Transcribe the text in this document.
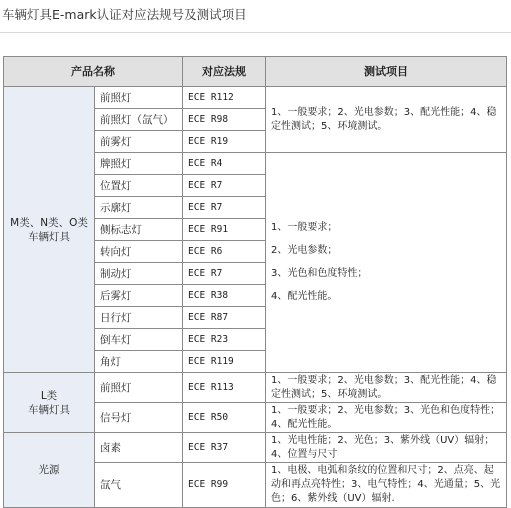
车辆灯具E-mark认证对应法规号及测试项目
产品名称		对应法规	测试项目
M类、N类、O类
车辆灯具	前照灯	ECE R112	1、一般要求；2、光电参数；3、配光性能；4、稳定性测试；5、环境测试。
	前照灯（氙气）	ECE R98	
	前雾灯	ECE R19	
	牌照灯	ECE R4	1、一般要求；
2、光电参数；
3、光色和色度特性；
4、配光性能。

	位置灯	ECE R7	
	示廓灯	ECE R7	
	侧标志灯	ECE R91	
	转向灯	ECE R6	
	制动灯	ECE R7	
	后雾灯	ECE R38	
	日行灯	ECE R87	
	倒车灯	ECE R23	
	角灯	ECE R119	
L类
车辆灯具	前照灯	ECE R113	1、一般要求；2、光电参数；3、配光性能；4、稳定性测试；5、环境测试。
	信号灯	ECE R50	1、一般要求；2、光电参数；3、光色和色度特性；4、配光性能。
光源	卤素	ECE R37	1、光电性能；2、光色；3、紫外线（UV）辐射；4、位置与尺寸
	氙气	ECE R99	1、电极、电弧和条纹的位置和尺寸；2、点亮、起动和再点亮特性；3、电气特性；4、光通量；5、光色；6、紫外线（UV）辐射.
